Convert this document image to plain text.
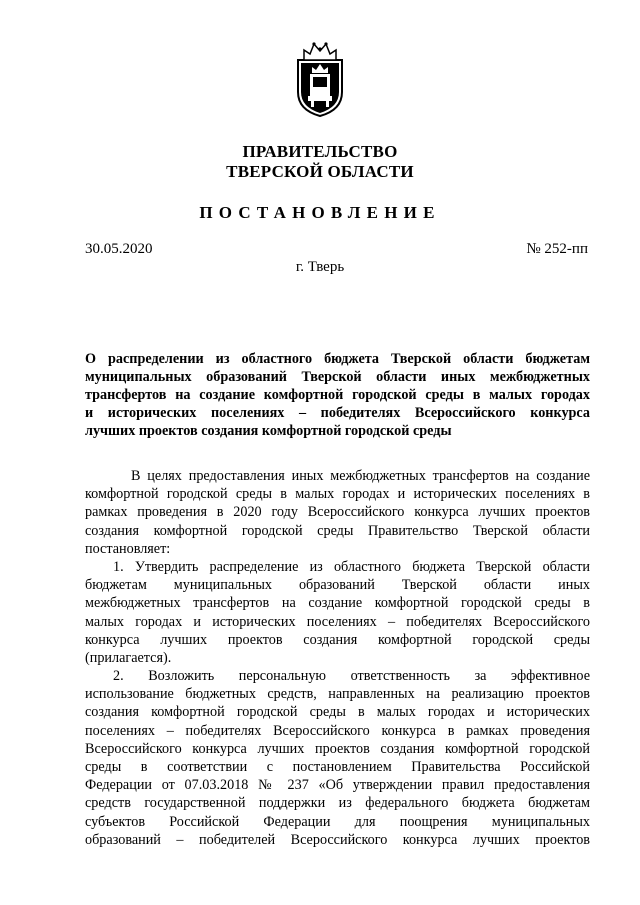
ПРАВИТЕЛЬСТВО
ТВЕРСКОЙ ОБЛАСТИ
ПОСТАНОВЛЕНИЕ
30.05.2020	№ 252-пп
г. Тверь
О распределении из областного бюджета Тверской области бюджетам
муниципальных образований Тверской области иных межбюджетных
трансфертов на создание комфортной городской среды в малых городах
и исторических поселениях – победителях Всероссийского конкурса
лучших проектов создания комфортной городской среды
В целях предоставления иных межбюджетных трансфертов на создание
комфортной городской среды в малых городах и исторических поселениях в
рамках проведения в 2020 году Всероссийского конкурса лучших проектов
создания комфортной городской среды Правительство Тверской области
постановляет:
1. Утвердить распределение из областного бюджета Тверской области
бюджетам муниципальных образований Тверской области иных
межбюджетных трансфертов на создание комфортной городской среды в
малых городах и исторических поселениях – победителях Всероссийского
конкурса лучших проектов создания комфортной городской среды
(прилагается).
2. Возложить персональную ответственность за эффективное
использование бюджетных средств, направленных на реализацию проектов
создания комфортной городской среды в малых городах и исторических
поселениях – победителях Всероссийского конкурса в рамках проведения
Всероссийского конкурса лучших проектов создания комфортной городской
среды в соответствии с постановлением Правительства Российской
Федерации от 07.03.2018 № 237 «Об утверждении правил предоставления
средств государственной поддержки из федерального бюджета бюджетам
субъектов Российской Федерации для поощрения муниципальных
образований – победителей Всероссийского конкурса лучших проектов
